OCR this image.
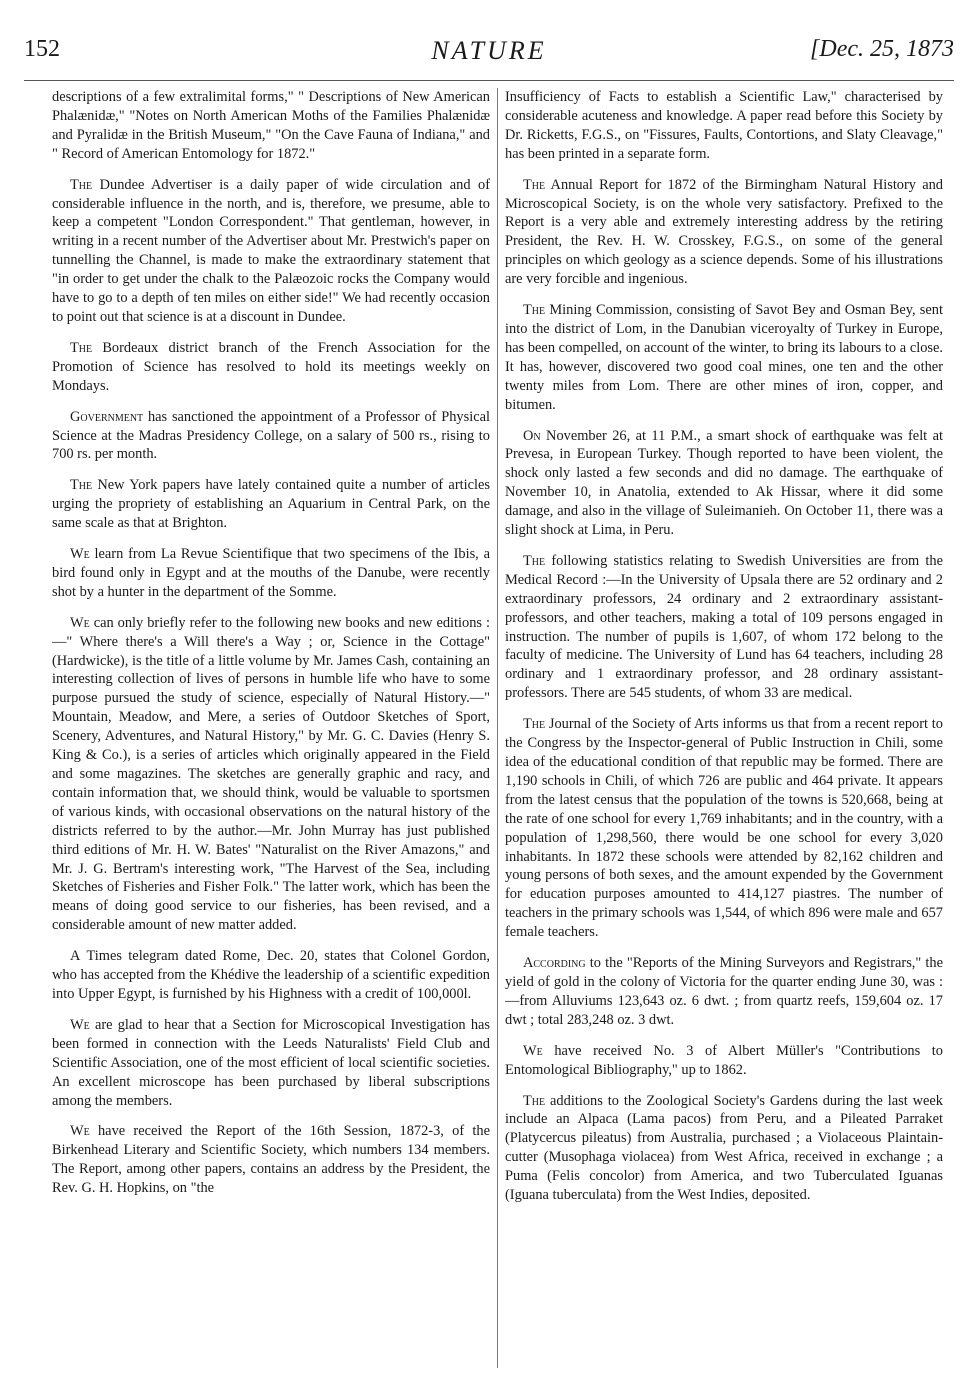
152	NATURE	[Dec. 25, 1873

descriptions of a few extralimital forms," " Descriptions of New American Phalænidæ," "Notes on North American Moths of the Families Phalænidæ and Pyralidæ in the British Museum," "On the Cave Fauna of Indiana," and " Record of American Entomology for 1872."

The Dundee Advertiser is a daily paper of wide circulation and of considerable influence in the north, and is, therefore, we presume, able to keep a competent "London Correspondent." That gentleman, however, in writing in a recent number of the Advertiser about Mr. Prestwich's paper on tunnelling the Channel, is made to make the extraordinary statement that "in order to get under the chalk to the Palæozoic rocks the Company would have to go to a depth of ten miles on either side!" We had recently occasion to point out that science is at a discount in Dundee.

The Bordeaux district branch of the French Association for the Promotion of Science has resolved to hold its meetings weekly on Mondays.

Government has sanctioned the appointment of a Professor of Physical Science at the Madras Presidency College, on a salary of 500 rs., rising to 700 rs. per month.

The New York papers have lately contained quite a number of articles urging the propriety of establishing an Aquarium in Central Park, on the same scale as that at Brighton.

We learn from La Revue Scientifique that two specimens of the Ibis, a bird found only in Egypt and at the mouths of the Danube, were recently shot by a hunter in the department of the Somme.

We can only briefly refer to the following new books and new editions :—" Where there's a Will there's a Way ; or, Science in the Cottage" (Hardwicke), is the title of a little volume by Mr. James Cash, containing an interesting collection of lives of persons in humble life who have to some purpose pursued the study of science, especially of Natural History.—" Mountain, Meadow, and Mere, a series of Outdoor Sketches of Sport, Scenery, Adventures, and Natural History," by Mr. G. C. Davies (Henry S. King & Co.), is a series of articles which originally appeared in the Field and some magazines. The sketches are generally graphic and racy, and contain information that, we should think, would be valuable to sportsmen of various kinds, with occasional observations on the natural history of the districts referred to by the author.—Mr. John Murray has just published third editions of Mr. H. W. Bates' "Naturalist on the River Amazons," and Mr. J. G. Bertram's interesting work, "The Harvest of the Sea, including Sketches of Fisheries and Fisher Folk." The latter work, which has been the means of doing good service to our fisheries, has been revised, and a considerable amount of new matter added.

A Times telegram dated Rome, Dec. 20, states that Colonel Gordon, who has accepted from the Khédive the leadership of a scientific expedition into Upper Egypt, is furnished by his Highness with a credit of 100,000l.

We are glad to hear that a Section for Microscopical Investigation has been formed in connection with the Leeds Naturalists' Field Club and Scientific Association, one of the most efficient of local scientific societies. An excellent microscope has been purchased by liberal subscriptions among the members.

We have received the Report of the 16th Session, 1872-3, of the Birkenhead Literary and Scientific Society, which numbers 134 members. The Report, among other papers, contains an address by the President, the Rev. G. H. Hopkins, on "the

Insufficiency of Facts to establish a Scientific Law," characterised by considerable acuteness and knowledge. A paper read before this Society by Dr. Ricketts, F.G.S., on "Fissures, Faults, Contortions, and Slaty Cleavage," has been printed in a separate form.

The Annual Report for 1872 of the Birmingham Natural History and Microscopical Society, is on the whole very satisfactory. Prefixed to the Report is a very able and extremely interesting address by the retiring President, the Rev. H. W. Crosskey, F.G.S., on some of the general principles on which geology as a science depends. Some of his illustrations are very forcible and ingenious.

The Mining Commission, consisting of Savot Bey and Osman Bey, sent into the district of Lom, in the Danubian viceroyalty of Turkey in Europe, has been compelled, on account of the winter, to bring its labours to a close. It has, however, discovered two good coal mines, one ten and the other twenty miles from Lom. There are other mines of iron, copper, and bitumen.

On November 26, at 11 P.M., a smart shock of earthquake was felt at Prevesa, in European Turkey. Though reported to have been violent, the shock only lasted a few seconds and did no damage. The earthquake of November 10, in Anatolia, extended to Ak Hissar, where it did some damage, and also in the village of Suleimanieh. On October 11, there was a slight shock at Lima, in Peru.

The following statistics relating to Swedish Universities are from the Medical Record :—In the University of Upsala there are 52 ordinary and 2 extraordinary professors, 24 ordinary and 2 extraordinary assistant-professors, and other teachers, making a total of 109 persons engaged in instruction. The number of pupils is 1,607, of whom 172 belong to the faculty of medicine. The University of Lund has 64 teachers, including 28 ordinary and 1 extraordinary professor, and 28 ordinary assistant-professors. There are 545 students, of whom 33 are medical.

The Journal of the Society of Arts informs us that from a recent report to the Congress by the Inspector-general of Public Instruction in Chili, some idea of the educational condition of that republic may be formed. There are 1,190 schools in Chili, of which 726 are public and 464 private. It appears from the latest census that the population of the towns is 520,668, being at the rate of one school for every 1,769 inhabitants; and in the country, with a population of 1,298,560, there would be one school for every 3,020 inhabitants. In 1872 these schools were attended by 82,162 children and young persons of both sexes, and the amount expended by the Government for education purposes amounted to 414,127 piastres. The number of teachers in the primary schools was 1,544, of which 896 were male and 657 female teachers.

According to the "Reports of the Mining Surveyors and Registrars," the yield of gold in the colony of Victoria for the quarter ending June 30, was :—from Alluviums 123,643 oz. 6 dwt. ; from quartz reefs, 159,604 oz. 17 dwt ; total 283,248 oz. 3 dwt.

We have received No. 3 of Albert Müller's "Contributions to Entomological Bibliography," up to 1862.

The additions to the Zoological Society's Gardens during the last week include an Alpaca (Lama pacos) from Peru, and a Pileated Parraket (Platycercus pileatus) from Australia, purchased ; a Violaceous Plaintain-cutter (Musophaga violacea) from West Africa, received in exchange ; a Puma (Felis concolor) from America, and two Tuberculated Iguanas (Iguana tuberculata) from the West Indies, deposited.
